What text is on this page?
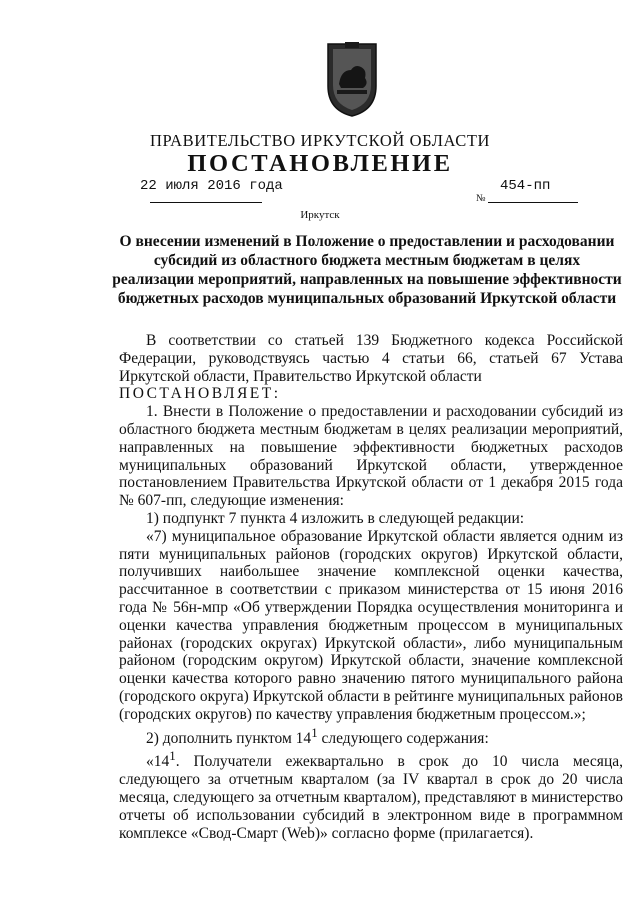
ПРАВИТЕЛЬСТВО ИРКУТСКОЙ ОБЛАСТИ
ПОСТАНОВЛЕНИЕ
22 июля 2016 года
№
454-пп
Иркутск
О внесении изменений в Положение о предоставлении и расходовании субсидий из областного бюджета местным бюджетам в целях реализации мероприятий, направленных на повышение эффективности бюджетных расходов муниципальных образований Иркутской области

В соответствии со статьей 139 Бюджетного кодекса Российской Федерации, руководствуясь частью 4 статьи 66, статьей 67 Устава Иркутской области, Правительство Иркутской области

ПОСТАНОВЛЯЕТ:

1. Внести в Положение о предоставлении и расходовании субсидий из областного бюджета местным бюджетам в целях реализации мероприятий, направленных на повышение эффективности бюджетных расходов муниципальных образований Иркутской области, утвержденное постановлением Правительства Иркутской области от 1 декабря 2015 года № 607-пп, следующие изменения:

1) подпункт 7 пункта 4 изложить в следующей редакции:

«7) муниципальное образование Иркутской области является одним из пяти муниципальных районов (городских округов) Иркутской области, получивших наибольшее значение комплексной оценки качества, рассчитанное в соответствии с приказом министерства от 15 июня 2016 года № 56н-мпр «Об утверждении Порядка осуществления мониторинга и оценки качества управления бюджетным процессом в муниципальных районах (городских округах) Иркутской области», либо муниципальным районом (городским округом) Иркутской области, значение комплексной оценки качества которого равно значению пятого муниципального района (городского округа) Иркутской области в рейтинге муниципальных районов (городских округов) по качеству управления бюджетным процессом.»;

2) дополнить пунктом $14^1$ следующего содержания:

«$14^1$. Получатели ежеквартально в срок до 10 числа месяца, следующего за отчетным кварталом (за IV квартал в срок до 20 числа месяца, следующего за отчетным кварталом), представляют в министерство отчеты об использовании субсидий в электронном виде в программном комплексе «Свод-Смарт (Web)» согласно форме (прилагается).
